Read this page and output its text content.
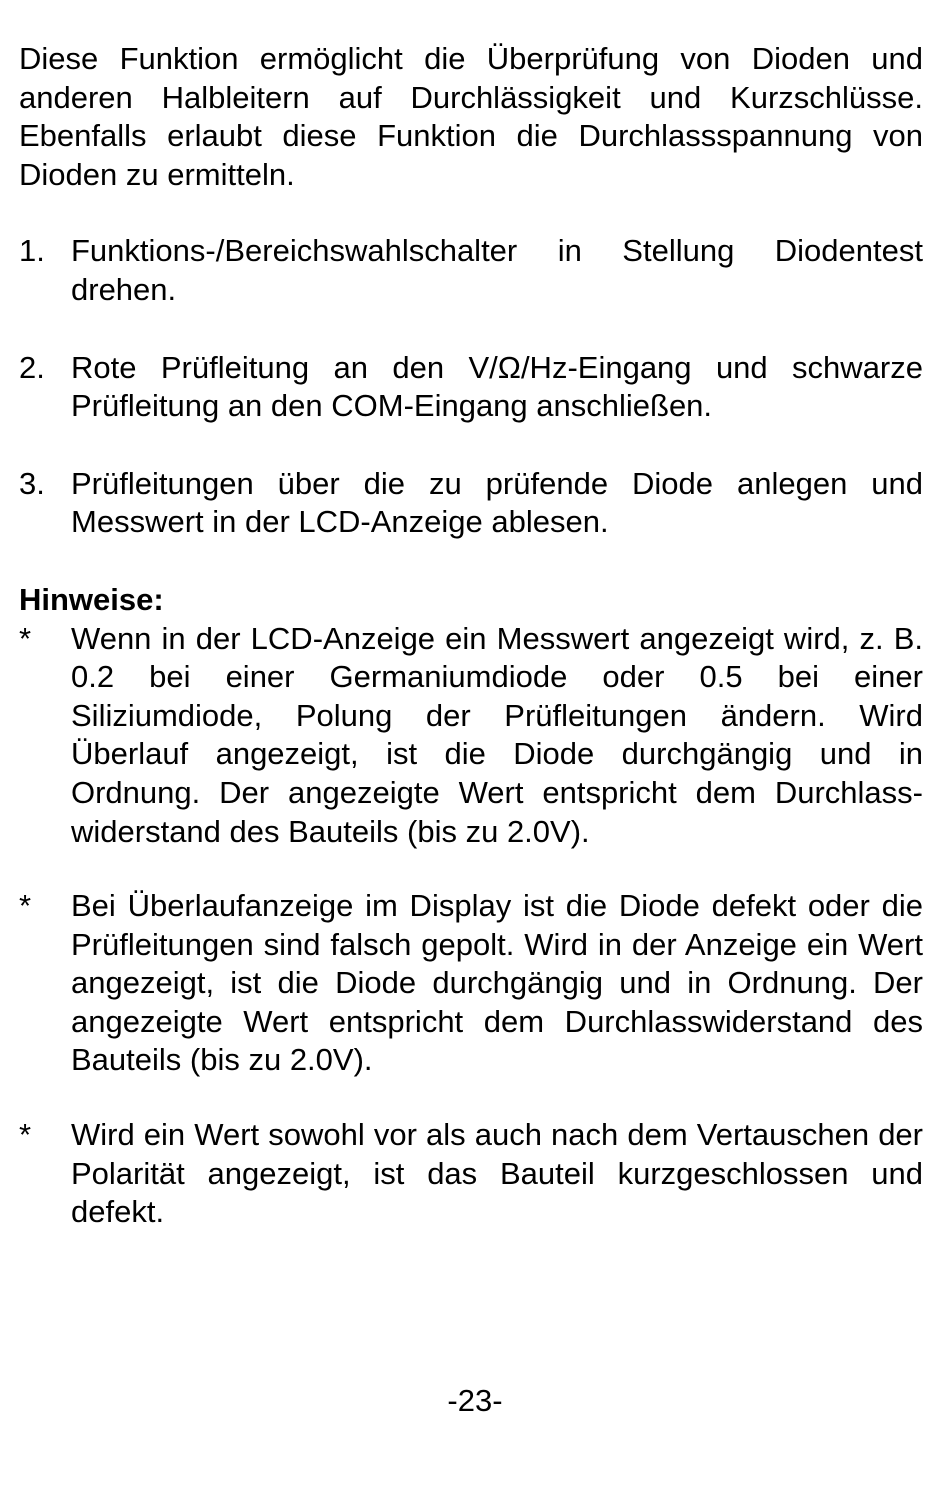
Diese Funktion ermöglicht die Überprüfung von Dioden und anderen Halbleitern auf Durchlässigkeit und Kurzschlüsse. Ebenfalls erlaubt diese Funktion die Durchlassspannung von Dioden zu ermitteln.

1. Funktions-/Bereichswahlschalter in Stellung Diodentest drehen.

2. Rote Prüfleitung an den V/Ω/Hz-Eingang und schwarze Prüfleitung an den COM-Eingang anschließen.

3. Prüfleitungen über die zu prüfende Diode anlegen und Messwert in der LCD-Anzeige ablesen.

Hinweise:

*	Wenn in der LCD-Anzeige ein Messwert angezeigt wird, z. B. 0.2 bei einer Germaniumdiode oder 0.5 bei einer Siliziumdiode, Polung der Prüfleitungen ändern. Wird Überlauf angezeigt, ist die Diode durchgängig und in Ordnung. Der angezeigte Wert entspricht dem Durchlass-widerstand des Bauteils (bis zu 2.0V).

*	Bei Überlaufanzeige im Display ist die Diode defekt oder die Prüfleitungen sind falsch gepolt. Wird in der Anzeige ein Wert angezeigt, ist die Diode durchgängig und in Ordnung. Der angezeigte Wert entspricht dem Durchlasswiderstand des Bauteils (bis zu 2.0V).

*	Wird ein Wert sowohl vor als auch nach dem Vertauschen der Polarität angezeigt, ist das Bauteil kurzgeschlossen und defekt.

-23-
